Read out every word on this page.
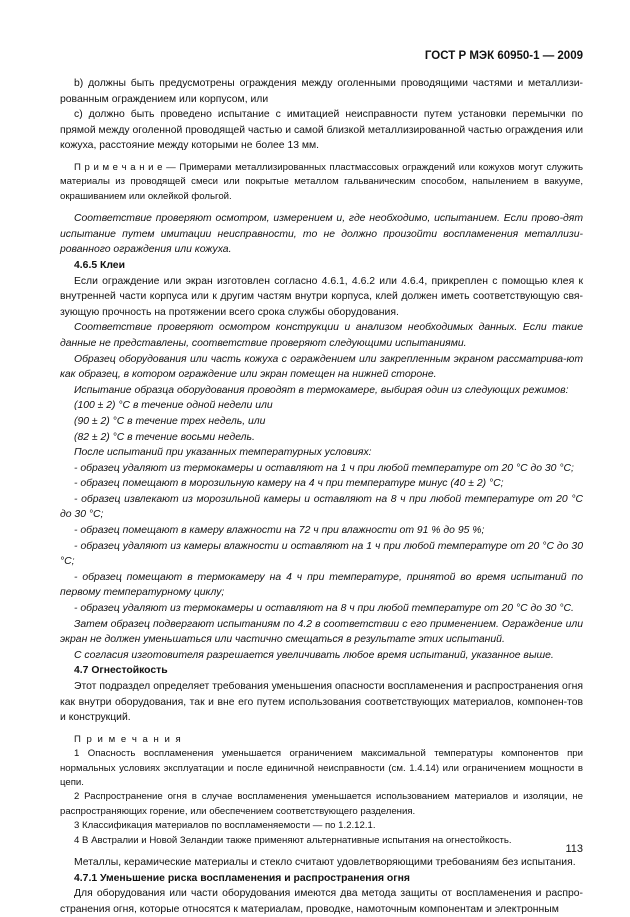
ГОСТ Р МЭК 60950-1 — 2009

b) должны быть предусмотрены ограждения между оголенными проводящими частями и металлизи-рованным ограждением или корпусом, или

c) должно быть проведено испытание с имитацией неисправности путем установки перемычки по прямой между оголенной проводящей частью и самой близкой металлизированной частью ограждения или кожуха, расстояние между которыми не более 13 мм.

П р и м е ч а н и е — Примерами металлизированных пластмассовых ограждений или кожухов могут служить материалы из проводящей смеси или покрытые металлом гальваническим способом, напылением в вакууме, окрашиванием или оклейкой фольгой.

Соответствие проверяют осмотром, измерением и, где необходимо, испытанием. Если прово-дят испытание путем имитации неисправности, то не должно произойти воспламенения металлизи-рованного ограждения или кожуха.

4.6.5 Клеи

Если ограждение или экран изготовлен согласно 4.6.1, 4.6.2 или 4.6.4, прикреплен с помощью клея к внутренней части корпуса или к другим частям внутри корпуса, клей должен иметь соответствующую свя-зующую прочность на протяжении всего срока службы оборудования.

Соответствие проверяют осмотром конструкции и анализом необходимых данных. Если такие данные не представлены, соответствие проверяют следующими испытаниями.

Образец оборудования или часть кожуха с ограждением или закрепленным экраном рассматрива-ют как образец, в котором ограждение или экран помещен на нижней стороне.

Испытание образца оборудования проводят в термокамере, выбирая один из следующих режимов:

(100 ± 2) °C в течение одной недели или

(90 ± 2) °C в течение трех недель, или

(82 ± 2) °C в течение восьми недель.

После испытаний при указанных температурных условиях:

- образец удаляют из термокамеры и оставляют на 1 ч при любой температуре от 20 °C до 30 °C;

- образец помещают в морозильную камеру на 4 ч при температуре минус (40 ± 2) °C;

- образец извлекают из морозильной камеры и оставляют на 8 ч при любой температуре от 20 °C до 30 °C;

- образец помещают в камеру влажности на 72 ч при влажности от 91 % до 95 %;

- образец удаляют из камеры влажности и оставляют на 1 ч при любой температуре от 20 °C до 30 °C;

- образец помещают в термокамеру на 4 ч при температуре, принятой во время испытаний по первому температурному циклу;

- образец удаляют из термокамеры и оставляют на 8 ч при любой температуре от 20 °C до 30 °C.

Затем образец подвергают испытаниям по 4.2 в соответствии с его применением. Ограждение или экран не должен уменьшаться или частично смещаться в результате этих испытаний.

С согласия изготовителя разрешается увеличивать любое время испытаний, указанное выше.

4.7 Огнестойкость

Этот подраздел определяет требования уменьшения опасности воспламенения и распространения огня как внутри оборудования, так и вне его путем использования соответствующих материалов, компонен-тов и конструкций.

П р и м е ч а н и я

1 Опасность воспламенения уменьшается ограничением максимальной температуры компонентов при нормальных условиях эксплуатации и после единичной неисправности (см. 1.4.14) или ограничением мощности в цепи.

2 Распространение огня в случае воспламенения уменьшается использованием материалов и изоляции, не распространяющих горение, или обеспечением соответствующего разделения.

3 Классификация материалов по воспламеняемости — по 1.2.12.1.

4 В Австралии и Новой Зеландии также применяют альтернативные испытания на огнестойкость.

Металлы, керамические материалы и стекло считают удовлетворяющими требованиям без испытания.

4.7.1 Уменьшение риска воспламенения и распространения огня

Для оборудования или части оборудования имеются два метода защиты от воспламенения и распро-странения огня, которые относятся к материалам, проводке, намоточным компонентам и электронным

113
